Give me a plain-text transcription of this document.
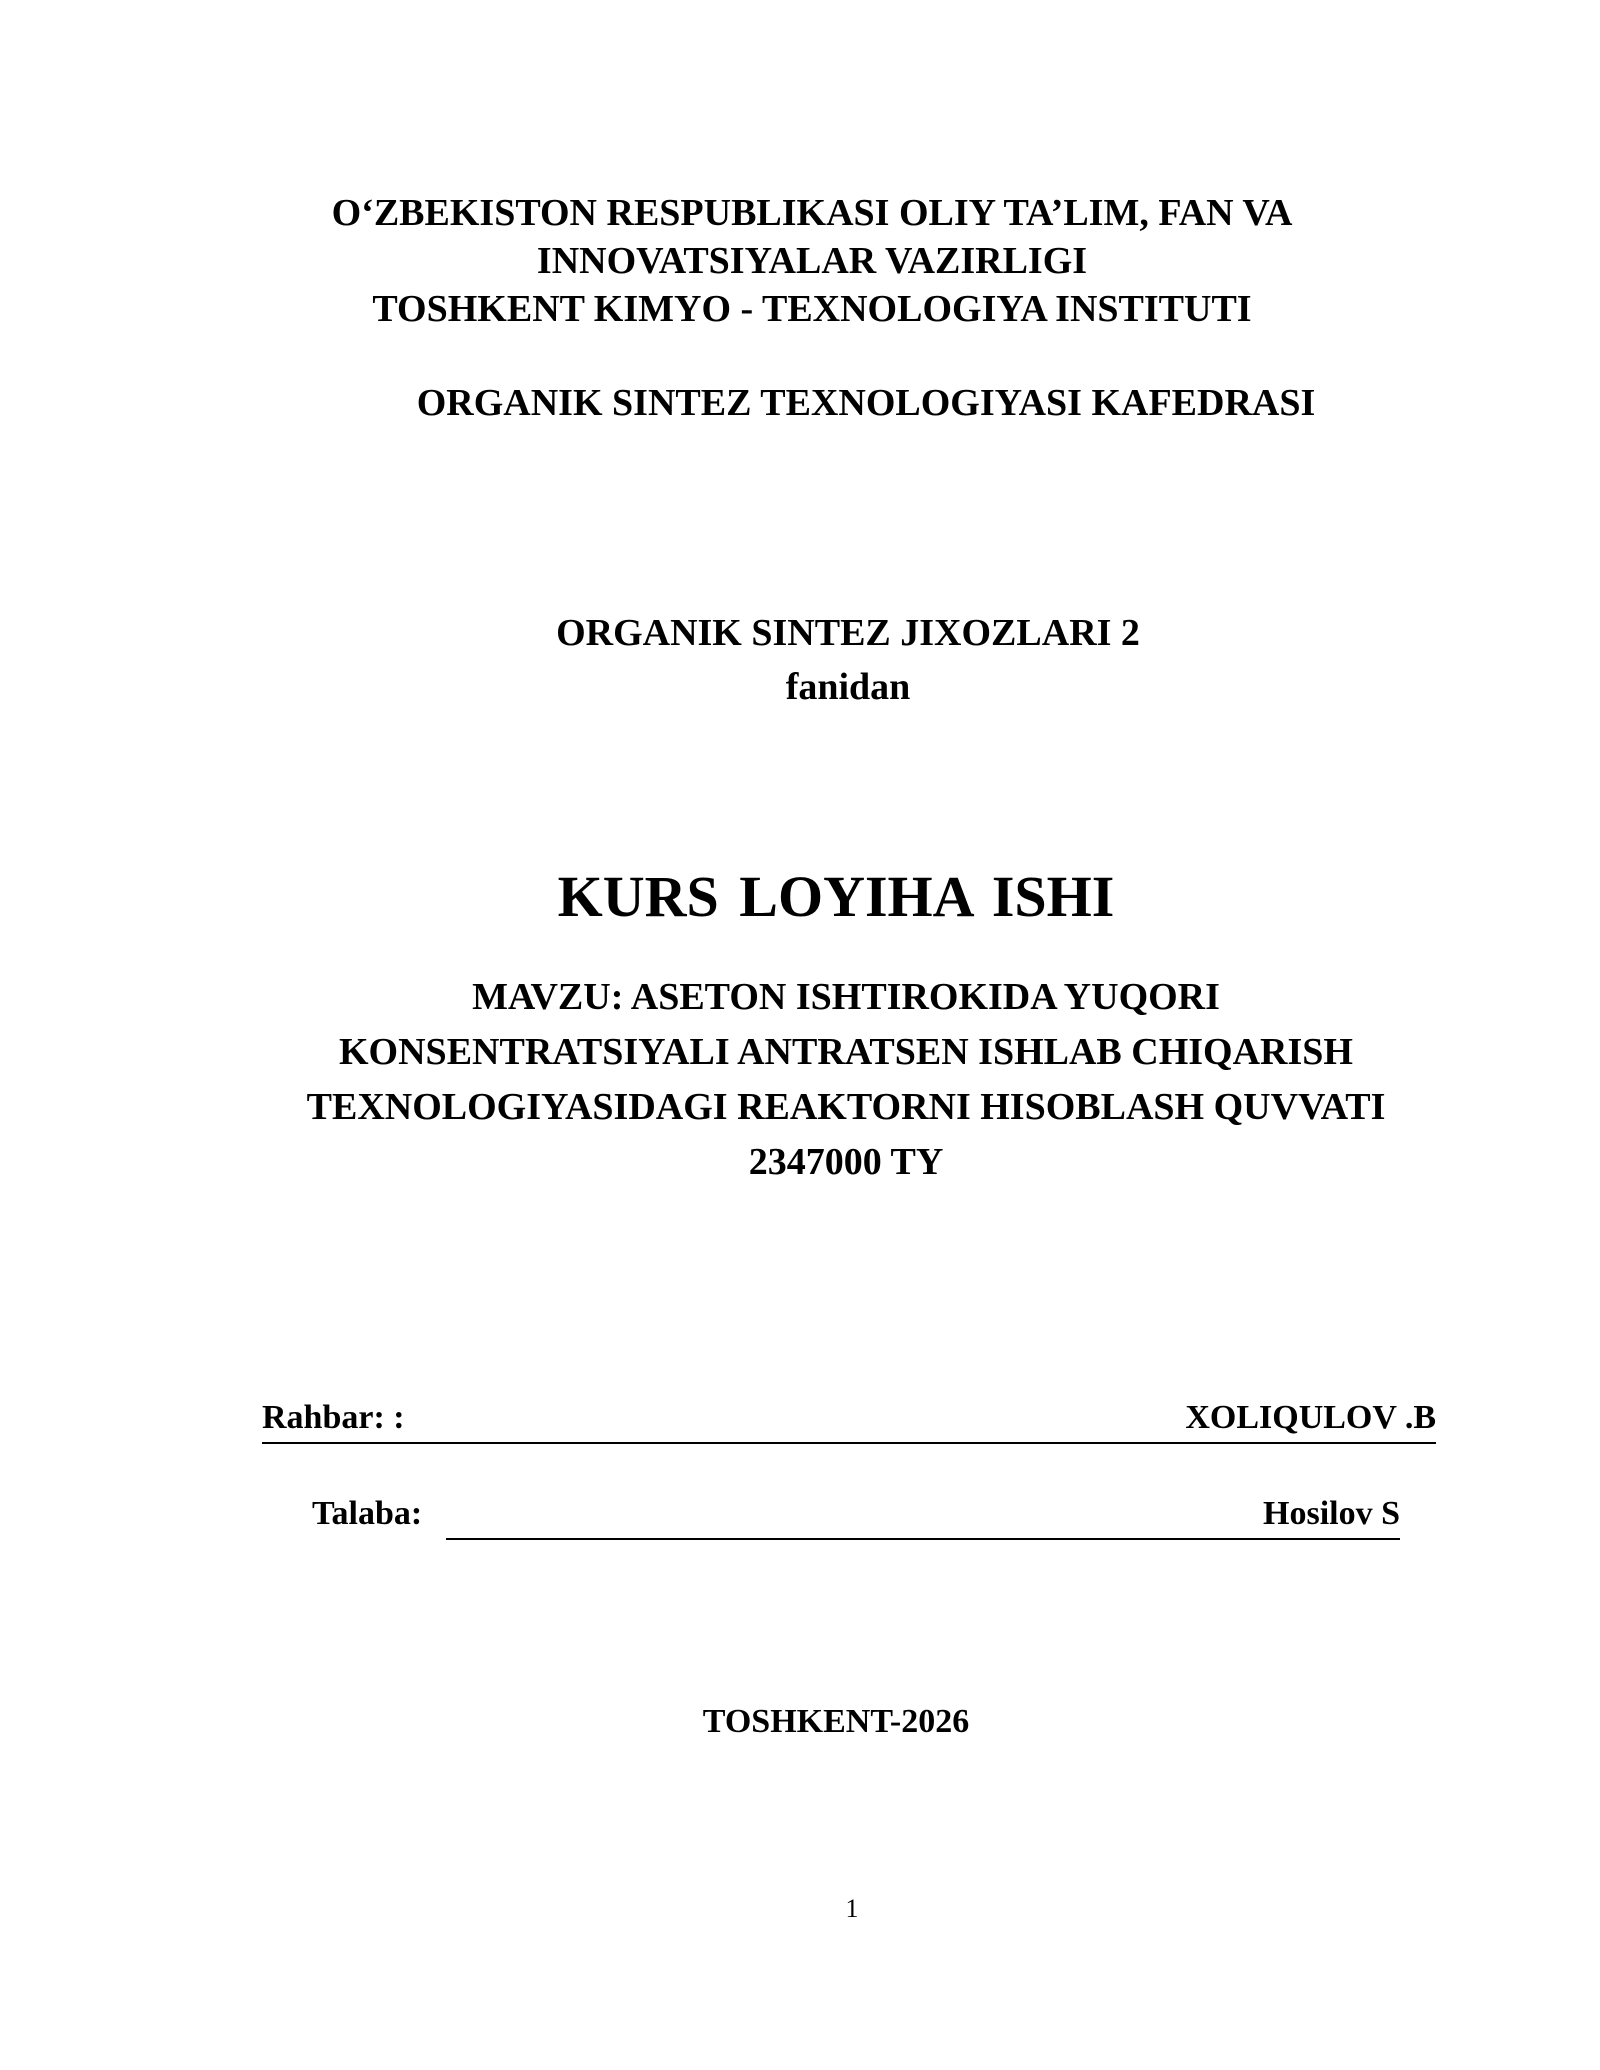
O‘ZBEKISTON RESPUBLIKASI OLIY TA’LIM, FAN VA
INNOVATSIYALAR VAZIRLIGI
TOSHKENT KIMYO - TEXNOLOGIYA INSTITUTI
ORGANIK SINTEZ TEXNOLOGIYASI KAFEDRASI
ORGANIK SINTEZ JIXOZLARI 2
fanidan
KURS LOYIHA ISHI
MAVZU: ASETON ISHTIROKIDA YUQORI
KONSENTRATSIYALI ANTRATSEN ISHLAB CHIQARISH
TEXNOLOGIYASIDAGI REAKTORNI HISOBLASH QUVVATI
2347000 TY
Rahbar: :	XOLIQULOV .B
Talaba:	Hosilov S
TOSHKENT-2026
1
